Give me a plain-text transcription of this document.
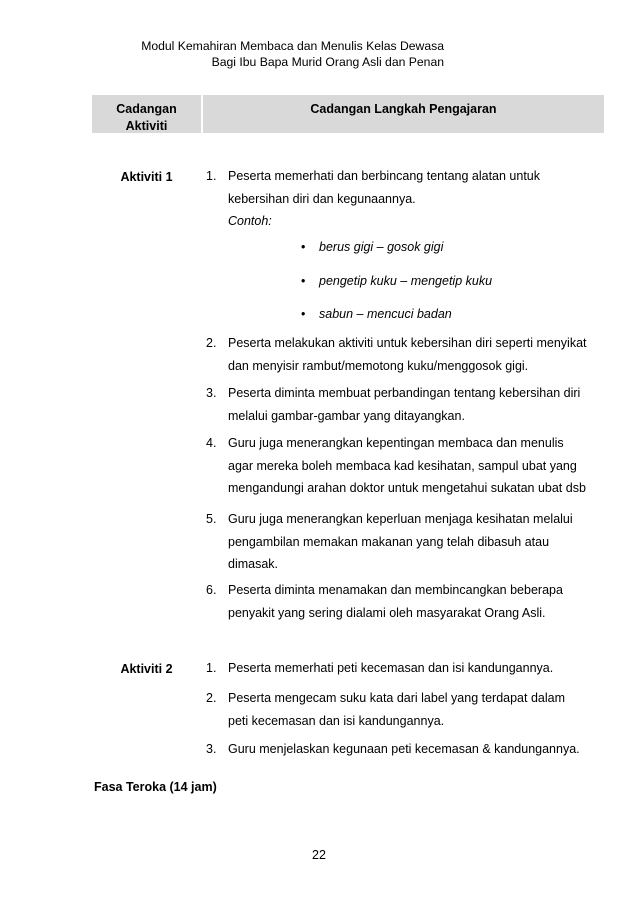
Modul Kemahiran Membaca dan Menulis Kelas Dewasa
Bagi Ibu Bapa Murid Orang Asli dan Penan
Cadangan
Aktiviti
Cadangan Langkah Pengajaran
Aktiviti 1	1. Peserta memerhati dan berbincang tentang alatan untuk
kebersihan diri dan kegunaannya.
Contoh:
• berus gigi – gosok gigi
• pengetip kuku – mengetip kuku
• sabun – mencuci badan
2. Peserta melakukan aktiviti untuk kebersihan diri seperti menyikat
dan menyisir rambut/memotong kuku/menggosok gigi.
3. Peserta diminta membuat perbandingan tentang kebersihan diri
melalui gambar-gambar yang ditayangkan.
4. Guru juga menerangkan kepentingan membaca dan menulis
agar mereka boleh membaca kad kesihatan, sampul ubat yang
mengandungi arahan doktor untuk mengetahui sukatan ubat dsb
5. Guru juga menerangkan keperluan menjaga kesihatan melalui
pengambilan memakan makanan yang telah dibasuh atau
dimasak.
6. Peserta diminta menamakan dan membincangkan beberapa
penyakit yang sering dialami oleh masyarakat Orang Asli.
Aktiviti 2	1. Peserta memerhati peti kecemasan dan isi kandungannya.
2. Peserta mengecam suku kata dari label yang terdapat dalam
peti kecemasan dan isi kandungannya.
3. Guru menjelaskan kegunaan peti kecemasan & kandungannya.
Fasa Teroka (14 jam)
22
